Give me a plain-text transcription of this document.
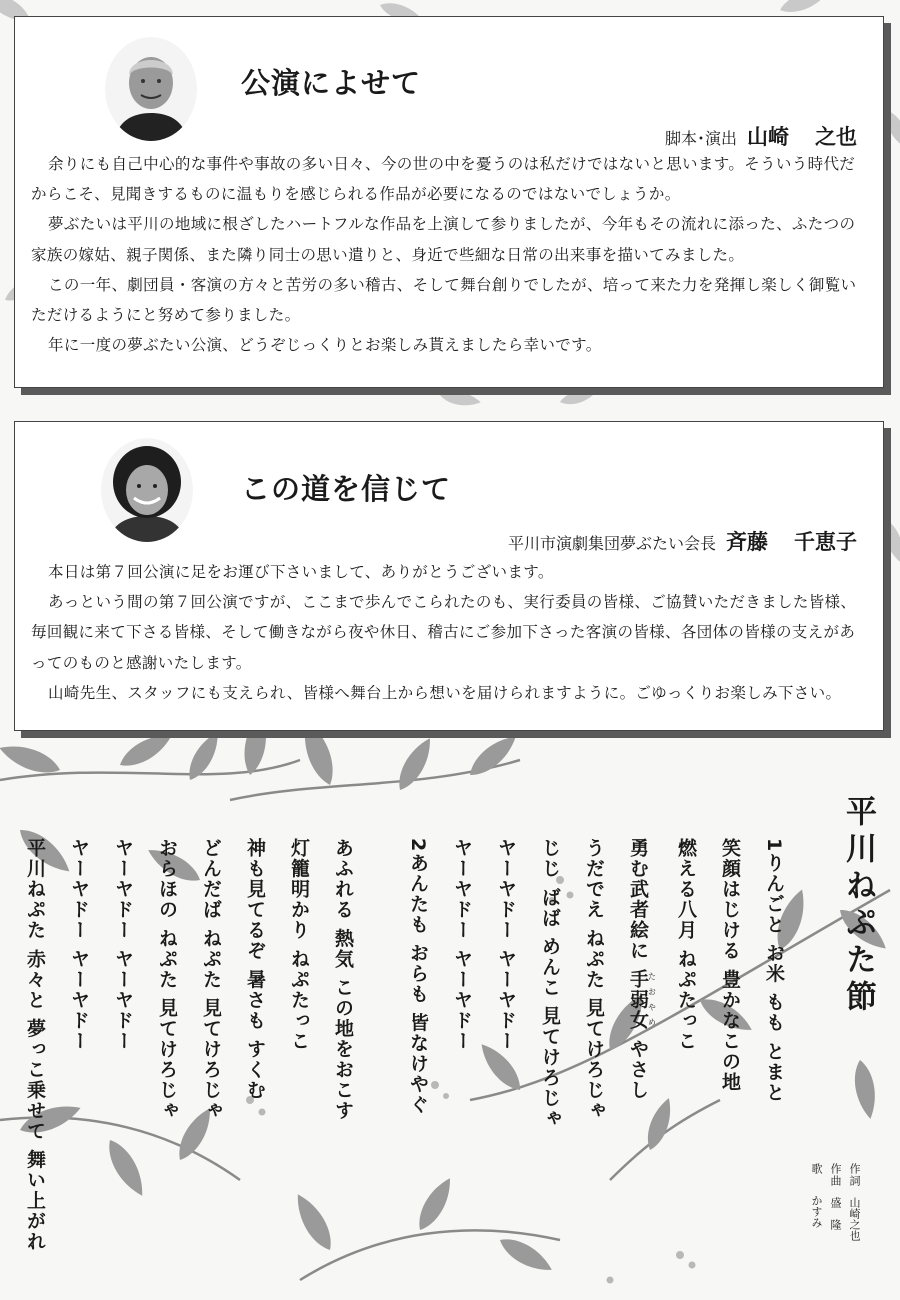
公演によせて
脚本･演出 山崎 之也

余りにも自己中心的な事件や事故の多い日々、今の世の中を憂うのは私だけではないと思います。そういう時代だからこそ、見聞きするものに温もりを感じられる作品が必要になるのではないでしょうか。

夢ぶたいは平川の地域に根ざしたハートフルな作品を上演して参りましたが、今年もその流れに添った、ふたつの家族の嫁姑、親子関係、また隣り同士の思い遣りと、身近で些細な日常の出来事を描いてみました。

この一年、劇団員・客演の方々と苦労の多い稽古、そして舞台創りでしたが、培って来た力を発揮し楽しく御覧いただけるようにと努めて参りました。

年に一度の夢ぶたい公演、どうぞじっくりとお楽しみ貰えましたら幸いです。

この道を信じて
平川市演劇集団夢ぶたい会長 斉藤 千恵子

本日は第７回公演に足をお運び下さいまして、ありがとうございます。

あっという間の第７回公演ですが、ここまで歩んでこられたのも、実行委員の皆様、ご協賛いただきました皆様、毎回観に来て下さる皆様、そして働きながら夜や休日、稽古にご参加下さった客演の皆様、各団体の皆様の支えがあってのものと感謝いたします。

山崎先生、スタッフにも支えられ、皆様へ舞台上から想いを届けられますように。ごゆっくりお楽しみ下さい。

平川ねぷた節
1りんごと お米 もも とまと
笑顔はじける 豊かなこの地
燃える八月 ねぷたっこ
勇む武者絵に 手弱女たおやめ やさし
うだでえ ねぷた 見てけろじゃ
じじ ばば めんこ 見てけろじゃ
ヤーヤドー ヤーヤドー
ヤーヤドー ヤーヤドー
2あんたも おらも 皆なけやぐ
あふれる 熱気 この地をおこす
灯籠明かり ねぷたっこ
神も見てるぞ 暑さも すくむ
どんだば ねぷた 見てけろじゃ
おらほの ねぷた 見てけろじゃ
ヤーヤドー ヤーヤドー
ヤーヤドー ヤーヤドー
平川ねぷた 赤々と 夢っこ乗せて 舞い上がれ	作詞山崎之也
作曲盛　隆
歌かすみ
